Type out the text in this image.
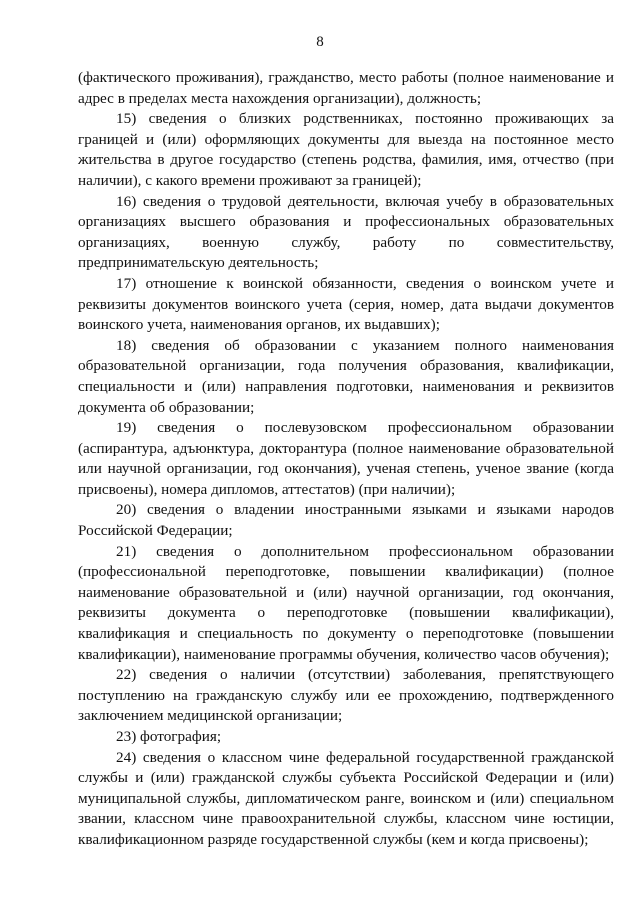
8

(фактического проживания), гражданство, место работы (полное наименование и адрес в пределах места нахождения организации), должность;

15) сведения о близких родственниках, постоянно проживающих за границей и (или) оформляющих документы для выезда на постоянное место жительства в другое государство (степень родства, фамилия, имя, отчество (при наличии), с какого времени проживают за границей);

16) сведения о трудовой деятельности, включая учебу в образовательных организациях высшего образования и профессиональных образовательных организациях, военную службу, работу по совместительству, предпринимательскую деятельность;

17) отношение к воинской обязанности, сведения о воинском учете и реквизиты документов воинского учета (серия, номер, дата выдачи документов воинского учета, наименования органов, их выдавших);

18) сведения об образовании с указанием полного наименования образовательной организации, года получения образования, квалификации, специальности и (или) направления подготовки, наименования и реквизитов документа об образовании;

19) сведения о послевузовском профессиональном образовании (аспирантура, адъюнктура, докторантура (полное наименование образовательной или научной организации, год окончания), ученая степень, ученое звание (когда присвоены), номера дипломов, аттестатов) (при наличии);

20) сведения о владении иностранными языками и языками народов Российской Федерации;

21) сведения о дополнительном профессиональном образовании (профессиональной переподготовке, повышении квалификации) (полное наименование образовательной и (или) научной организации, год окончания, реквизиты документа о переподготовке (повышении квалификации), квалификация и специальность по документу о переподготовке (повышении квалификации), наименование программы обучения, количество часов обучения);

22) сведения о наличии (отсутствии) заболевания, препятствующего поступлению на гражданскую службу или ее прохождению, подтвержденного заключением медицинской организации;

23) фотография;

24) сведения о классном чине федеральной государственной гражданской службы и (или) гражданской службы субъекта Российской Федерации и (или) муниципальной службы, дипломатическом ранге, воинском и (или) специальном звании, классном чине правоохранительной службы, классном чине юстиции, квалификационном разряде государственной службы (кем и когда присвоены);
